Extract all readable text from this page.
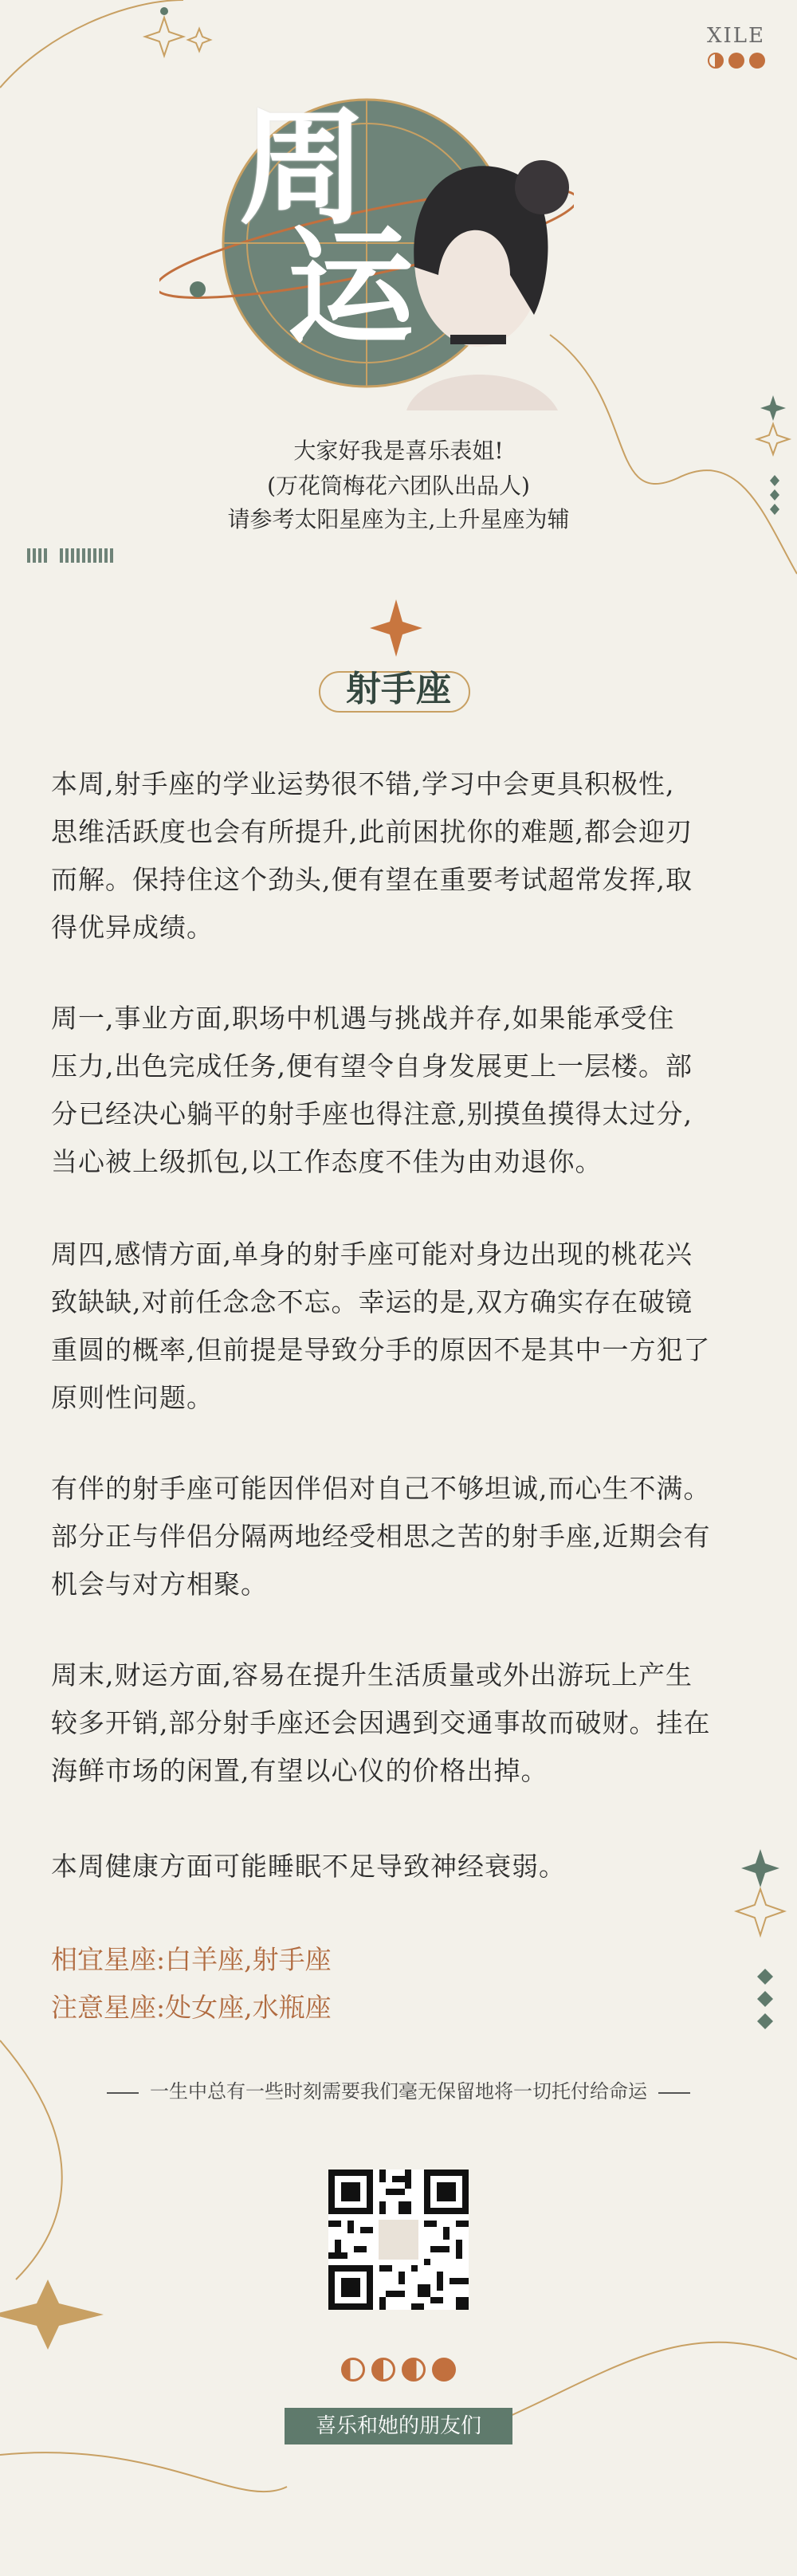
XILE
周
运
大家好我是喜乐表姐!
(万花筒梅花六团队出品人)
请参考太阳星座为主,上升星座为辅
射手座
本周,射手座的学业运势很不错,学习中会更具积极性,
思维活跃度也会有所提升,此前困扰你的难题,都会迎刃
而解。保持住这个劲头,便有望在重要考试超常发挥,取
得优异成绩。
周一,事业方面,职场中机遇与挑战并存,如果能承受住
压力,出色完成任务,便有望令自身发展更上一层楼。部
分已经决心躺平的射手座也得注意,别摸鱼摸得太过分,
当心被上级抓包,以工作态度不佳为由劝退你。
周四,感情方面,单身的射手座可能对身边出现的桃花兴
致缺缺,对前任念念不忘。幸运的是,双方确实存在破镜
重圆的概率,但前提是导致分手的原因不是其中一方犯了
原则性问题。
有伴的射手座可能因伴侣对自己不够坦诚,而心生不满。
部分正与伴侣分隔两地经受相思之苦的射手座,近期会有
机会与对方相聚。
周末,财运方面,容易在提升生活质量或外出游玩上产生
较多开销,部分射手座还会因遇到交通事故而破财。挂在
海鲜市场的闲置,有望以心仪的价格出掉。
本周健康方面可能睡眠不足导致神经衰弱。
相宜星座:白羊座,射手座
注意星座:处女座,水瓶座
一生中总有一些时刻需要我们毫无保留地将一切托付给命运
喜乐和她的朋友们
